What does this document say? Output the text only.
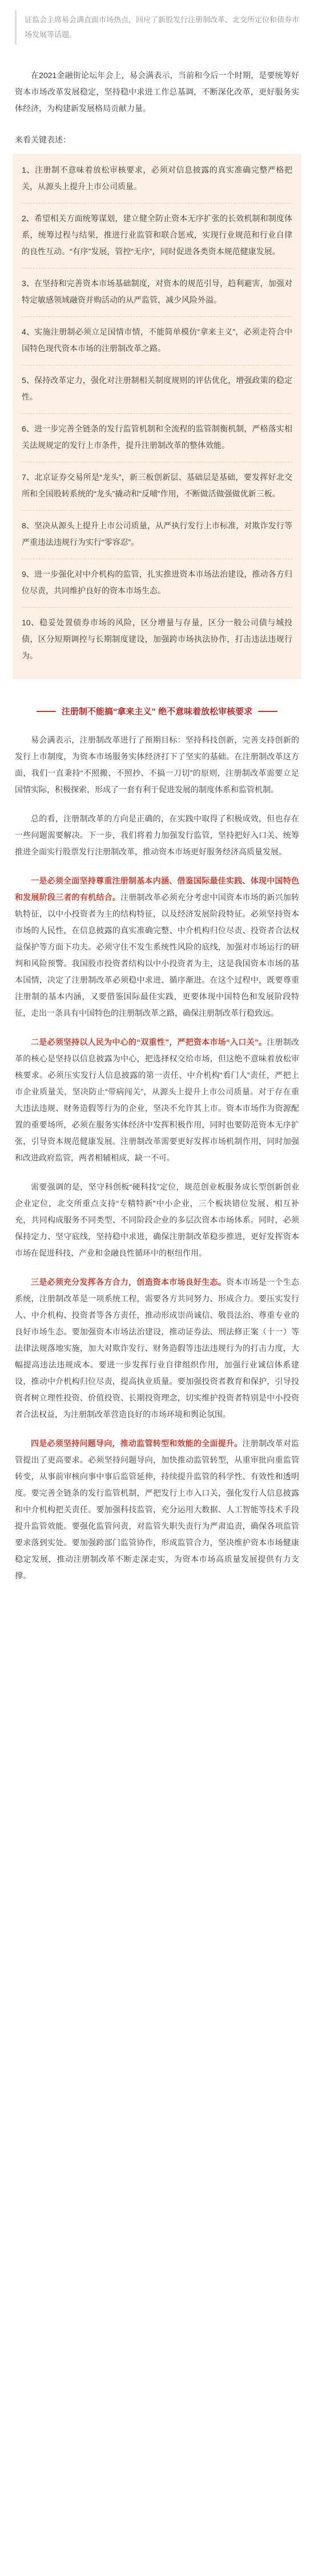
证监会主席易会满直面市场热点，回应了新股发行注册制改革、北交所定位和债券市场发展等话题。

在2021金融街论坛年会上，易会满表示，当前和今后一个时期，是要统筹好资本市场改革发展稳定，坚持稳中求进工作总基调，不断深化改革，更好服务实体经济，为构建新发展格局贡献力量。

来看关键表述：
1、注册制不意味着放松审核要求，必须对信息披露的真实准确完整严格把关，从源头上提升上市公司质量。
2、希望相关方面统筹谋划，建立健全防止资本无序扩张的长效机制和制度体系，统筹过程与结果，推进行业监管和联合惩戒，实现行业规范和行业自律的良性互动。“有序”发展，管控“无序”，同时促进各类资本规范健康发展。
3、在坚持和完善资本市场基础制度，对资本的规范引导，趋利避害，加强对特定敏感领域融资并购活动的从严监管，减少风险外溢。
4、实施注册制必须立足国情市情，不能简单模仿“拿来主义”，必须走符合中国特色现代资本市场的注册制改革之路。
5、保持改革定力，强化对注册制相关制度规则的评估优化，增强政策的稳定性。
6、进一步完善全链条的发行监管机制和全流程的监管制衡机制，严格落实相关法规规定的发行上市条件，提升注册制改革的整体效能。
7、北京证券交易所是“龙头”，新三板创新层、基础层是基础，要发挥好北交所和全国股转系统的“龙头”撬动和“反哺”作用，不断做活做强做优新三板。
8、坚决从源头上提升上市公司质量，从严执行发行上市标准，对欺诈发行等严重违法违规行为实行“零容忍”。
9、进一步强化对中介机构的监管，扎实推进资本市场法治建设，推动各方归位尽责，共同维护良好的资本市场生态。
10、稳妥处置债券市场的风险，区分增量与存量，区分一般公司债与城投债，区分短期调控与长期制度建设，加强跨市场执法协作，打击违法违规行为。
注册制不能搞“拿来主义” 绝不意味着放松审核要求

易会满表示，注册制改革进行了预期目标：坚持科技创新，完善支持创新的发行上市制度，为资本市场服务实体经济打下了坚实的基础。在注册制改革这方面，我们一直秉持“不照搬、不照抄、不搞一刀切”的原则，注册制改革需要立足国情实际，积极探索，形成了一套有利于促进发展的制度体系和监管机制。

总的看，注册制改革的方向是正确的，在实践中取得了积极成效，但也存在一些问题需要解决。下一步，我们将着力加强发行监管，坚持把好入口关、统筹推进全面实行股票发行注册制改革，推动资本市场更好服务经济高质量发展。

一是必须全面坚持尊重注册制基本内涵、借鉴国际最佳实践、体现中国特色和发展阶段三者的有机结合。注册制改革必须充分考虑中国资本市场的新兴加转轨特征，以中小投资者为主的结构特征，以及经济发展阶段特征。必须坚持资本市场的人民性，在信息披露的真实准确完整、中介机构归位尽责、投资者合法权益保护等方面下功夫。必须守住不发生系统性风险的底线，加强对市场运行的研判和风险预警。我国股市投资者结构以中小投资者为主，这是我国资本市场的基本国情，决定了注册制改革必须稳中求进、循序渐进。在这个过程中，既要尊重注册制的基本内涵，又要借鉴国际最佳实践，更要体现中国特色和发展阶段特征，走出一条具有中国特色的注册制改革之路，确保注册制改革行稳致远。

二是必须坚持以人民为中心的“双重性”，严把资本市场“入口关”。注册制改革的核心是坚持以信息披露为中心，把选择权交给市场，但这绝不意味着放松审核要求。必须压实发行人信息披露的第一责任、中介机构“看门人”责任，严把上市企业质量关，坚决防止“带病闯关”，从源头上提升上市公司质量。对于存在重大违法违规、财务造假等行为的企业，坚决不允许其上市。资本市场作为资源配置的重要场所，必须在服务实体经济中发挥积极作用，同时也要防范资本无序扩张，引导资本规范健康发展。注册制改革需要更好发挥市场机制作用，同时加强和改进政府监管，两者相辅相成、缺一不可。

需要强调的是，坚守科创板“硬科技”定位，规范创业板服务成长型创新创业企业定位，北交所重点支持“专精特新”中小企业，三个板块错位发展、相互补充，共同构成服务不同类型、不同阶段企业的多层次资本市场体系。同时，必须保持定力、坚守底线，坚持稳中求进，确保注册制改革稳步推进，更好发挥资本市场在促进科技、产业和金融良性循环中的枢纽作用。

三是必须充分发挥各方合力，创造资本市场良好生态。资本市场是一个生态系统，注册制改革是一项系统工程，需要各方共同努力、形成合力。要压实发行人、中介机构、投资者等各方责任，推动形成崇尚诚信、敬畏法治、尊重专业的良好市场生态。要加强资本市场法治建设，推动证券法、刑法修正案（十一）等法律法规落地实施，加大对欺诈发行、财务造假等违法违规行为的打击力度，大幅提高违法违规成本。要进一步发挥行业自律组织作用，加强行业诚信体系建设，推动中介机构归位尽责，提高执业质量。要加强投资者教育和保护，引导投资者树立理性投资、价值投资、长期投资理念，切实维护投资者特别是中小投资者合法权益，为注册制改革营造良好的市场环境和舆论氛围。

四是必须坚持问题导向，推动监管转型和效能的全面提升。注册制改革对监管提出了更高要求。必须坚持问题导向，加快推动监管转型，从重审批向重监管转变，从事前审核向事中事后监管延伸，持续提升监管的科学性、有效性和透明度。要完善全链条的发行监管机制，严把发行上市入口关，强化发行人信息披露和中介机构把关责任。要加强科技监管，充分运用大数据、人工智能等技术手段提升监管效能。要强化监管问责，对监管失职失责行为严肃追责，确保各项监管要求落到实处。要加强跨部门监管协作，形成监管合力，坚决维护资本市场健康稳定发展，推动注册制改革不断走深走实，为资本市场高质量发展提供有力支撑。
